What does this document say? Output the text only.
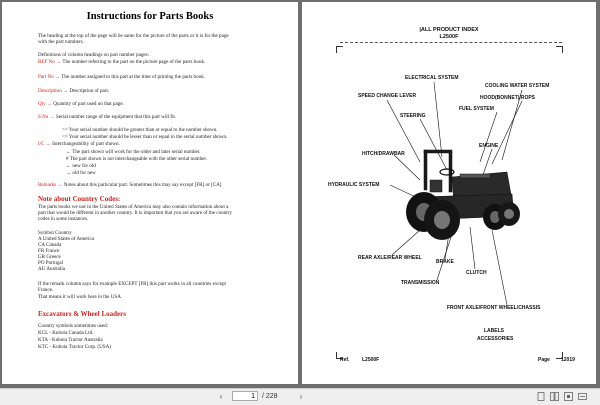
Instructions for Parts Books
The heading at the top of the page will be same for the picture of the parts or it is for the page
with the part numbers.
Definitions of column headings on part number pages:
REF No → The number referring to the part on the picture page of the parts book.
Part No → The number assigned to this part at the time of printing the parts book.
Description → Description of part.
Qty → Quantity of part used on that page.
S.No → Serial number range of the equipment that this part will fit.
>= Your serial number should be greater than or equal to the number shown.
<= Your serial number should be lesser than or equal to the serial number shown.
I/C → Interchangeability of part shown.
← The part shown will work for the older and later serial number.
# The part shown is not interchangeable with the other serial number.
← new for old
→ old for new
Remarks → Notes about this particular part. Sometimes this may say except [FR] or [CA]
Note about Country Codes:
The parts books we use in the United States of America may also contain information about a
part that would be different in another country. It is important that you are aware of the country
codes in some instances.
Symbol Country
A United States of America
CA Canada
FR France
GR Greece
PO Portugal
AU Australia
If the remark column says for example EXCEPT [FR] this part works in all countries except
France.
That means it will work here in the USA.
Excavators & Wheel Loaders
Country symbols sometimes used:
KCL - Kubota Canada Ltd.
KTA - Kubota Tractor Australia
KTC - Kubota Tractor Corp. (USA)
|ALL PRODUCT INDEX
L2500F
ELECTRICAL SYSTEM
COOLING WATER SYSTEM
SPEED CHANGE LEVER	HOOD(BONNET)/ROPS
FUEL SYSTEM
STEERING
HITCH/DRAWBAR
ENGINE
HYDRAULIC SYSTEM
REAR AXLE/REAR WHEEL
BRAKE
CLUTCH
TRANSMISSION
FRONT AXLE/FRONT WHEEL/CHASSIS
LABELS
ACCESSORIES
Ref.	L2500F	Page 12019
‹	1	/ 228	›
